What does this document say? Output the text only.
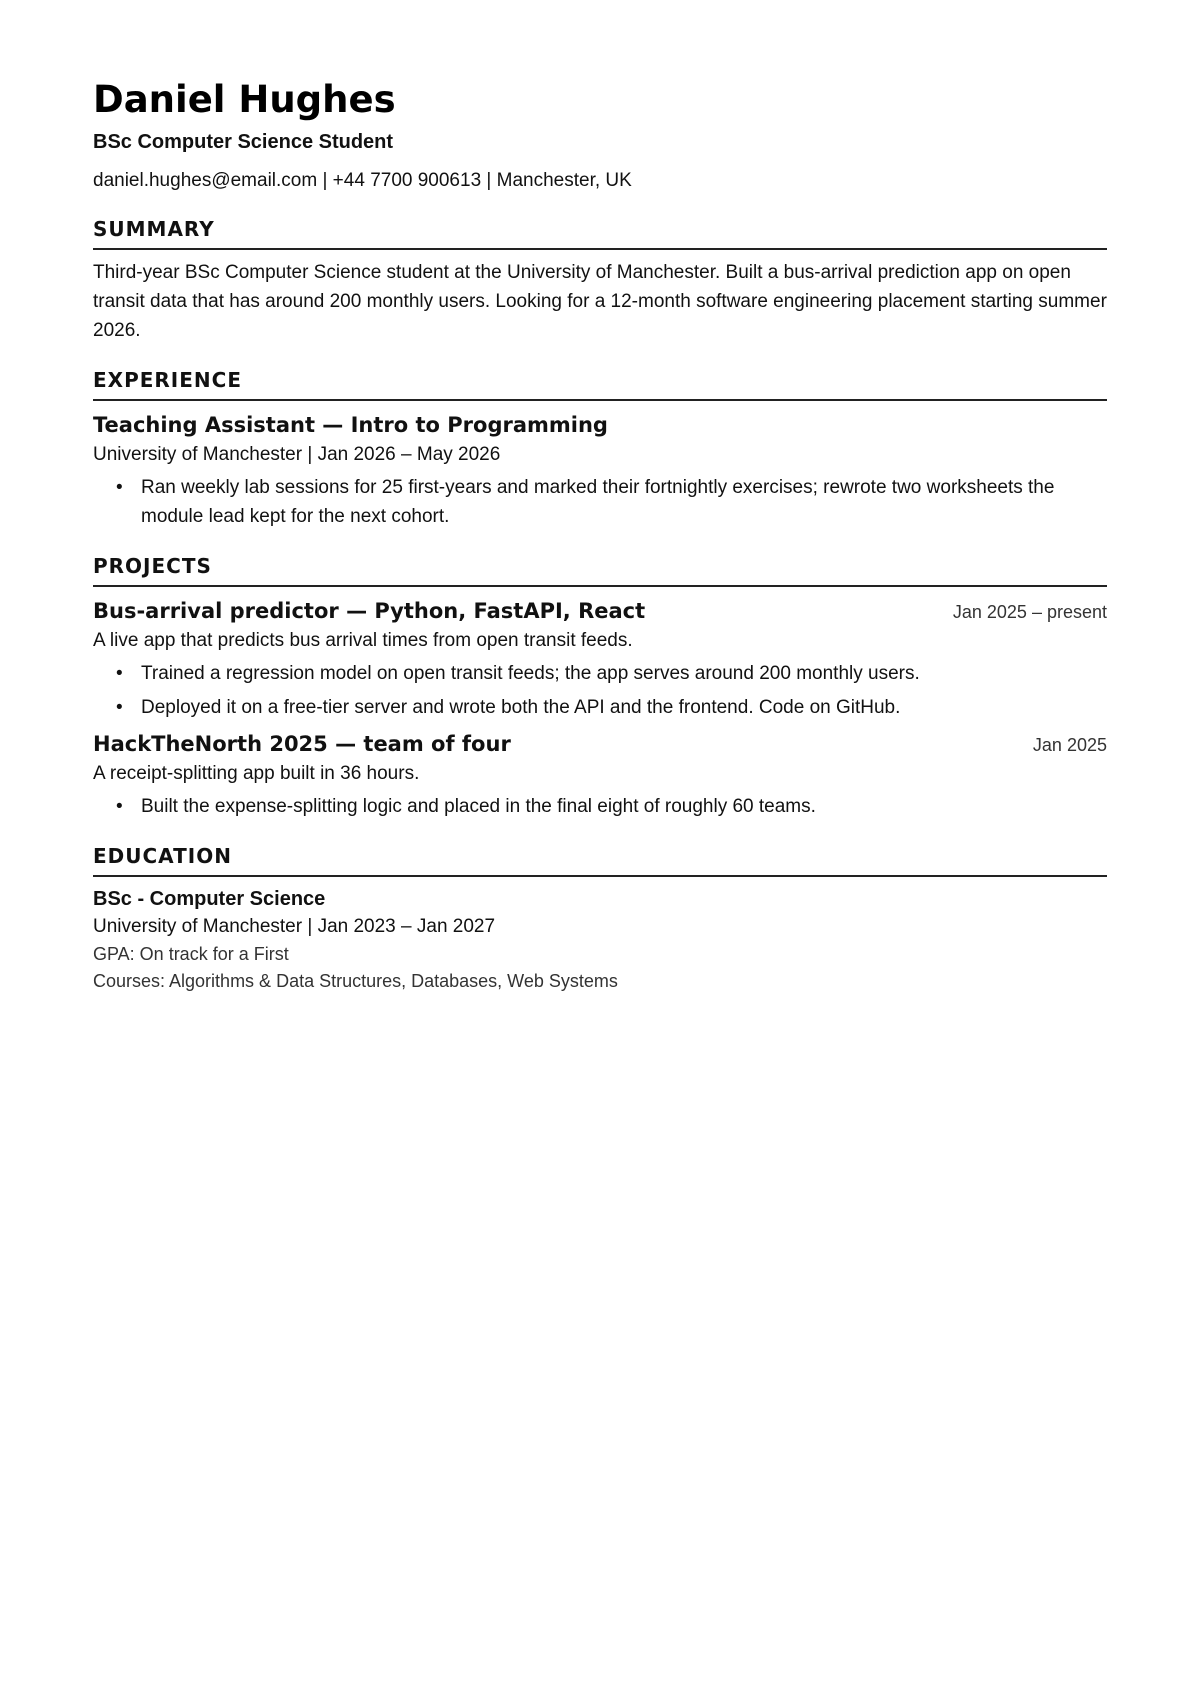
Daniel Hughes
BSc Computer Science Student
daniel.hughes@email.com | +44 7700 900613 | Manchester, UK
SUMMARY

Third-year BSc Computer Science student at the University of Manchester. Built a bus-arrival prediction app on open transit data that has around 200 monthly users. Looking for a 12-month software engineering placement starting summer 2026.

EXPERIENCE
Teaching Assistant — Intro to Programming
University of Manchester | Jan 2026 – May 2026
• Ran weekly lab sessions for 25 first-years and marked their fortnightly exercises; rewrote two worksheets the module lead kept for the next cohort.
PROJECTS
Bus-arrival predictor — Python, FastAPI, React	Jan 2025 – present
A live app that predicts bus arrival times from open transit feeds.
• Trained a regression model on open transit feeds; the app serves around 200 monthly users.
• Deployed it on a free-tier server and wrote both the API and the frontend. Code on GitHub.
HackTheNorth 2025 — team of four	Jan 2025
A receipt-splitting app built in 36 hours.
• Built the expense-splitting logic and placed in the final eight of roughly 60 teams.
EDUCATION
BSc - Computer Science
University of Manchester | Jan 2023 – Jan 2027
GPA: On track for a First
Courses: Algorithms & Data Structures, Databases, Web Systems
